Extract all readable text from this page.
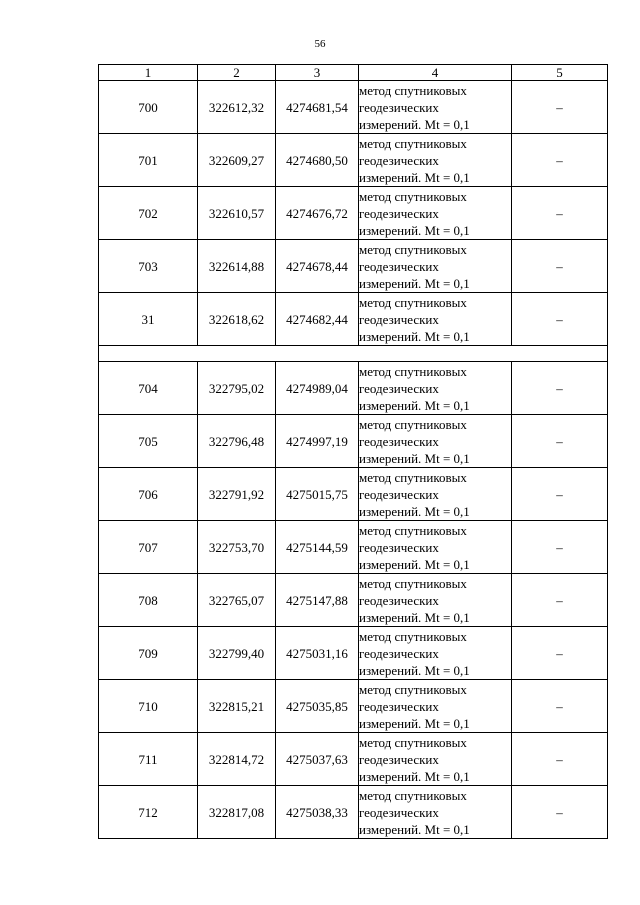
56
1	2	3	4	5
700	322612,32	4274681,54	метод спутниковых
геодезических
измерений. Mt = 0,1	–
701	322609,27	4274680,50	метод спутниковых
геодезических
измерений. Mt = 0,1	–
702	322610,57	4274676,72	метод спутниковых
геодезических
измерений. Mt = 0,1	–
703	322614,88	4274678,44	метод спутниковых
геодезических
измерений. Mt = 0,1	–
31	322618,62	4274682,44	метод спутниковых
геодезических
измерений. Mt = 0,1	–

704	322795,02	4274989,04	метод спутниковых
геодезических
измерений. Mt = 0,1	–
705	322796,48	4274997,19	метод спутниковых
геодезических
измерений. Mt = 0,1	–
706	322791,92	4275015,75	метод спутниковых
геодезических
измерений. Mt = 0,1	–
707	322753,70	4275144,59	метод спутниковых
геодезических
измерений. Mt = 0,1	–
708	322765,07	4275147,88	метод спутниковых
геодезических
измерений. Mt = 0,1	–
709	322799,40	4275031,16	метод спутниковых
геодезических
измерений. Mt = 0,1	–
710	322815,21	4275035,85	метод спутниковых
геодезических
измерений. Mt = 0,1	–
711	322814,72	4275037,63	метод спутниковых
геодезических
измерений. Mt = 0,1	–
712	322817,08	4275038,33	метод спутниковых
геодезических
измерений. Mt = 0,1	–
